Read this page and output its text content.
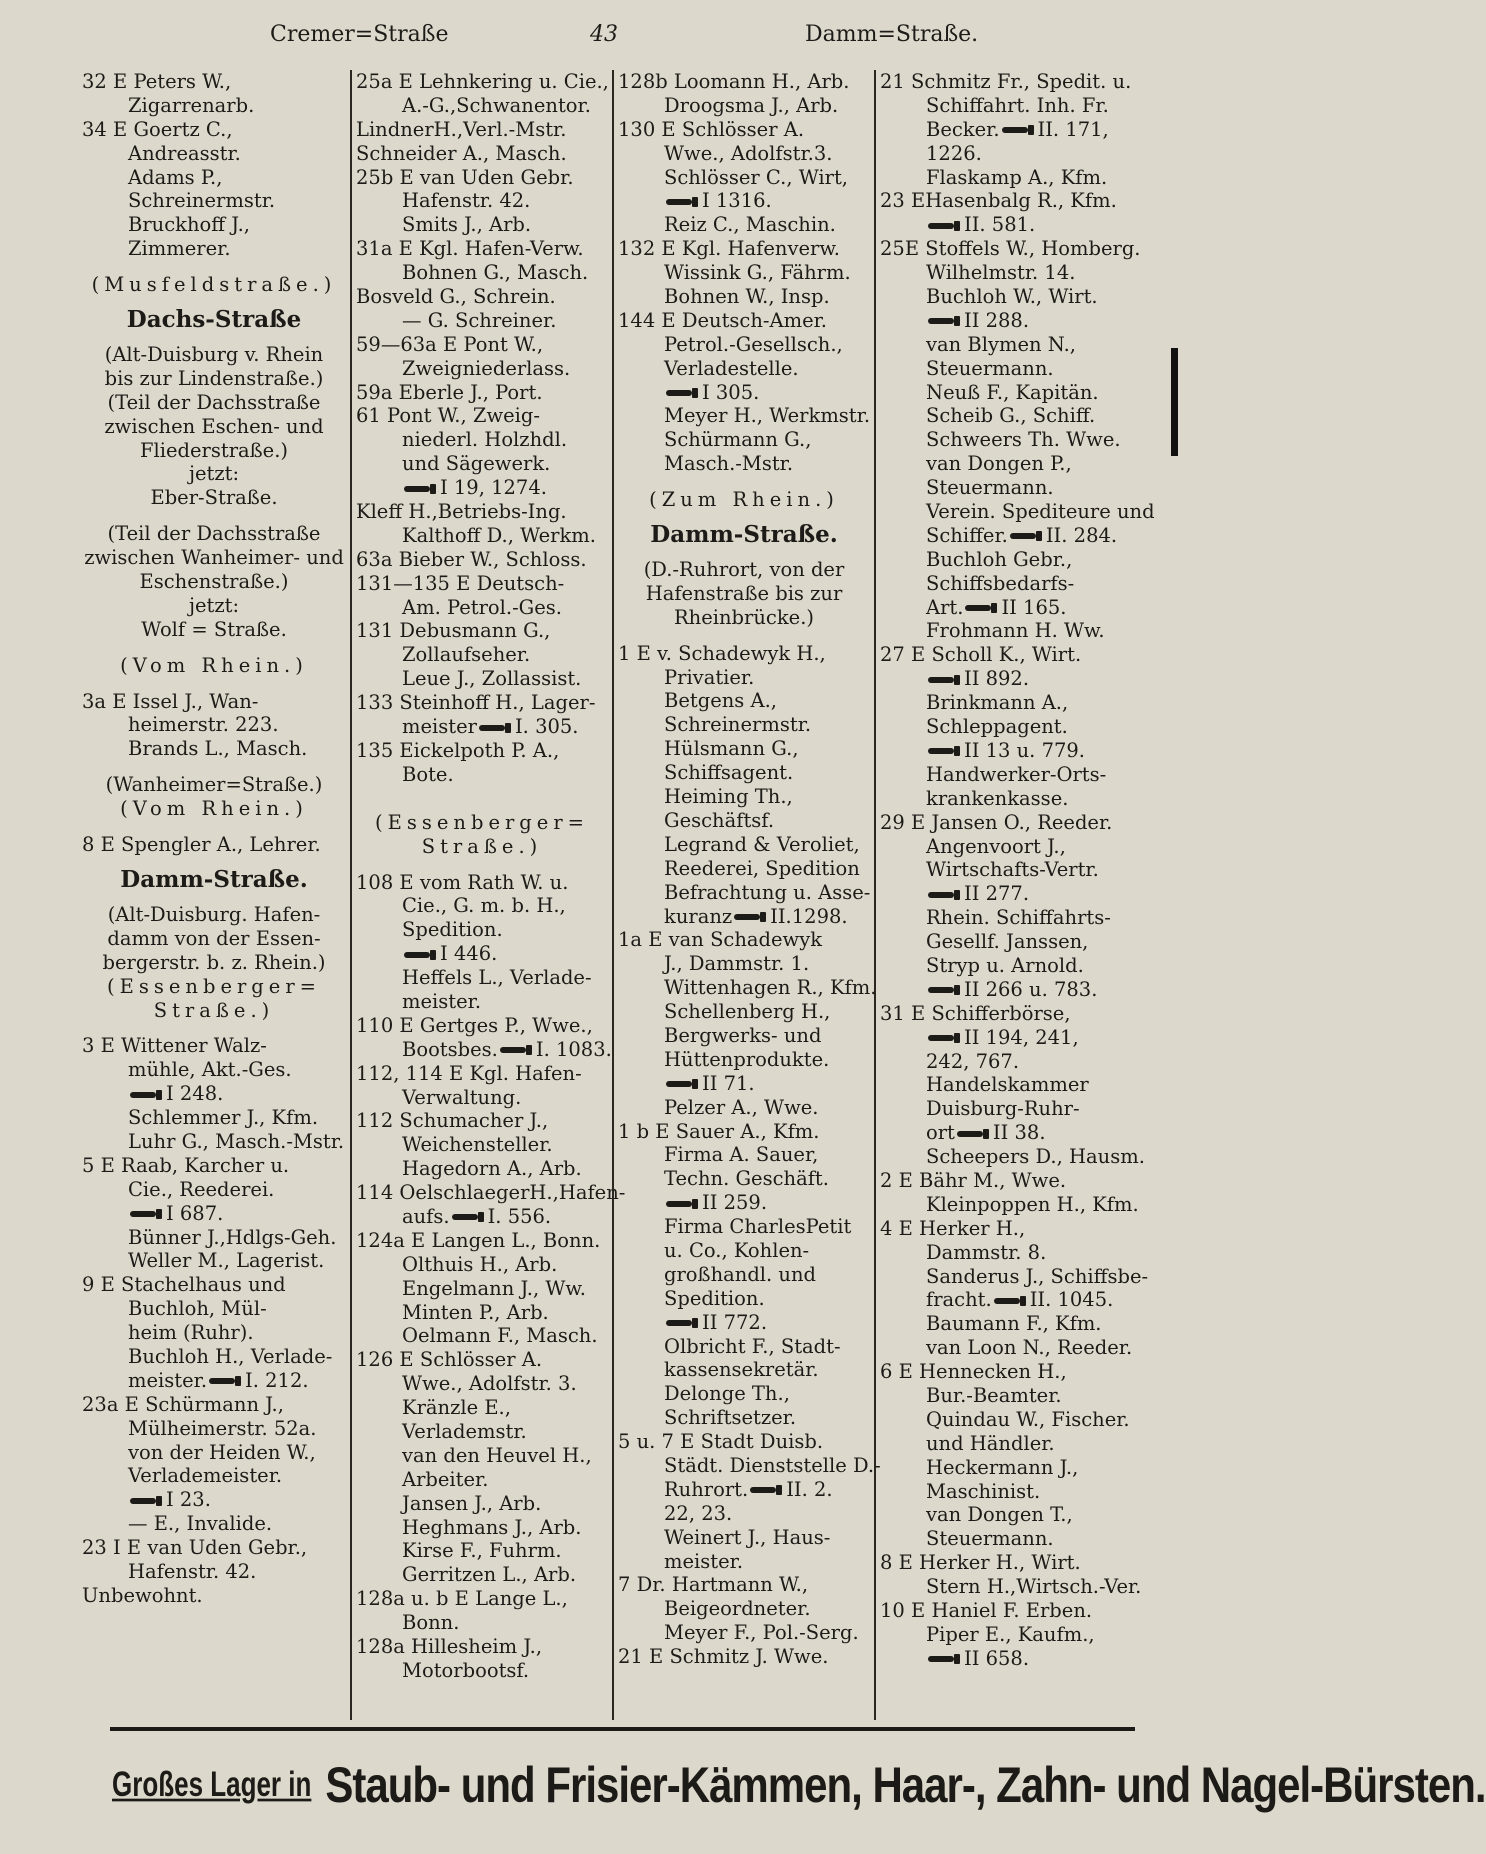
Cremer=Straße	43	Damm=Straße.
32 E Peters W.,
Zigarrenarb.
34 E Goertz C.,
Andreasstr.
Adams P.,
Schreinermstr.
Bruckhoff J.,
Zimmerer.
(Musfeldstraße.)
Dachs-Straße
(Alt-Duisburg v. Rhein
bis zur Lindenstraße.)
(Teil der Dachsstraße
zwischen Eschen- und
Fliederstraße.)
jetzt:
Eber-Straße.
(Teil der Dachsstraße
zwischen Wanheimer- und
Eschenstraße.)
jetzt:
Wolf = Straße.
(Vom Rhein.)
3a E Issel J., Wan-
heimerstr. 223.
Brands L., Masch.
(Wanheimer=Straße.)
(Vom Rhein.)
8 E Spengler A., Lehrer.
Damm-Straße.
(Alt-Duisburg. Hafen-
damm von der Essen-
bergerstr. b. z. Rhein.)
(Essenberger=
Straße.)
3 E Wittener Walz-
mühle, Akt.-Ges.
I 248.
Schlemmer J., Kfm.
Luhr G., Masch.-Mstr.
5 E Raab, Karcher u.
Cie., Reederei.
I 687.
Bünner J.,Hdlgs-Geh.
Weller M., Lagerist.
9 E Stachelhaus und
Buchloh, Mül-
heim (Ruhr).
Buchloh H., Verlade-
meister. I. 212.
23a E Schürmann J.,
Mülheimerstr. 52a.
von der Heiden W.,
Verlademeister.
I 23.
— E., Invalide.
23 I E van Uden Gebr.,
Hafenstr. 42.
Unbewohnt.
25a E Lehnkering u. Cie.,
A.-G.,Schwanentor.
LindnerH.,Verl.-Mstr.
Schneider A., Masch.
25b E van Uden Gebr.
Hafenstr. 42.
Smits J., Arb.
31a E Kgl. Hafen-Verw.
Bohnen G., Masch.
Bosveld G., Schrein.
— G. Schreiner.
59—63a E Pont W.,
Zweigniederlass.
59a Eberle J., Port.
61 Pont W., Zweig-
niederl. Holzhdl.
und Sägewerk.
I 19, 1274.
Kleff H.,Betriebs-Ing.
Kalthoff D., Werkm.
63a Bieber W., Schloss.
131—135 E Deutsch-
Am. Petrol.-Ges.
131 Debusmann G.,
Zollaufseher.
Leue J., Zollassist.
133 Steinhoff H., Lager-
meister I. 305.
135 Eickelpoth P. A.,
Bote.
(Essenberger=
Straße.)
108 E vom Rath W. u.
Cie., G. m. b. H.,
Spedition.
I 446.
Heffels L., Verlade-
meister.
110 E Gertges P., Wwe.,
Bootsbes. I. 1083.
112, 114 E Kgl. Hafen-
Verwaltung.
112 Schumacher J.,
Weichensteller.
Hagedorn A., Arb.
114 OelschlaegerH.,Hafen-
aufs. I. 556.
124a E Langen L., Bonn.
Olthuis H., Arb.
Engelmann J., Ww.
Minten P., Arb.
Oelmann F., Masch.
126 E Schlösser A.
Wwe., Adolfstr. 3.
Kränzle E.,
Verlademstr.
van den Heuvel H.,
Arbeiter.
Jansen J., Arb.
Heghmans J., Arb.
Kirse F., Fuhrm.
Gerritzen L., Arb.
128a u. b E Lange L.,
Bonn.
128a Hillesheim J.,
Motorbootsf.
128b Loomann H., Arb.
Droogsma J., Arb.
130 E Schlösser A.
Wwe., Adolfstr.3.
Schlösser C., Wirt,
I 1316.
Reiz C., Maschin.
132 E Kgl. Hafenverw.
Wissink G., Fährm.
Bohnen W., Insp.
144 E Deutsch-Amer.
Petrol.-Gesellsch.,
Verladestelle.
I 305.
Meyer H., Werkmstr.
Schürmann G.,
Masch.-Mstr.
(Zum Rhein.)
Damm-Straße.
(D.-Ruhrort, von der
Hafenstraße bis zur
Rheinbrücke.)
1 E v. Schadewyk H.,
Privatier.
Betgens A.,
Schreinermstr.
Hülsmann G.,
Schiffsagent.
Heiming Th.,
Geschäftsf.
Legrand & Veroliet,
Reederei, Spedition
Befrachtung u. Asse-
kuranz II.1298.
1a E van Schadewyk
J., Dammstr. 1.
Wittenhagen R., Kfm.
Schellenberg H.,
Bergwerks- und
Hüttenprodukte.
II 71.
Pelzer A., Wwe.
1 b E Sauer A., Kfm.
Firma A. Sauer,
Techn. Geschäft.
II 259.
Firma CharlesPetit
u. Co., Kohlen-
großhandl. und
Spedition.
II 772.
Olbricht F., Stadt-
kassensekretär.
Delonge Th.,
Schriftsetzer.
5 u. 7 E Stadt Duisb.
Städt. Dienststelle D.-
Ruhrort. II. 2.
22, 23.
Weinert J., Haus-
meister.
7 Dr. Hartmann W.,
Beigeordneter.
Meyer F., Pol.-Serg.
21 E Schmitz J. Wwe.
21 Schmitz Fr., Spedit. u.
Schiffahrt. Inh. Fr.
Becker. II. 171,
1226.
Flaskamp A., Kfm.
23 EHasenbalg R., Kfm.
II. 581.
25E Stoffels W., Homberg.
Wilhelmstr. 14.
Buchloh W., Wirt.
II 288.
van Blymen N.,
Steuermann.
Neuß F., Kapitän.
Scheib G., Schiff.
Schweers Th. Wwe.
van Dongen P.,
Steuermann.
Verein. Spediteure und
Schiffer. II. 284.
Buchloh Gebr.,
Schiffsbedarfs-
Art. II 165.
Frohmann H. Ww.
27 E Scholl K., Wirt.
II 892.
Brinkmann A.,
Schleppagent.
II 13 u. 779.
Handwerker-Orts-
krankenkasse.
29 E Jansen O., Reeder.
Angenvoort J.,
Wirtschafts-Vertr.
II 277.
Rhein. Schiffahrts-
Gesellf. Janssen,
Stryp u. Arnold.
II 266 u. 783.
31 E Schifferbörse,
II 194, 241,
242, 767.
Handelskammer
Duisburg-Ruhr-
ort II 38.
Scheepers D., Hausm.
2 E Bähr M., Wwe.
Kleinpoppen H., Kfm.
4 E Herker H.,
Dammstr. 8.
Sanderus J., Schiffsbe-
fracht. II. 1045.
Baumann F., Kfm.
van Loon N., Reeder.
6 E Hennecken H.,
Bur.-Beamter.
Quindau W., Fischer.
und Händler.
Heckermann J.,
Maschinist.
van Dongen T.,
Steuermann.
8 E Herker H., Wirt.
Stern H.,Wirtsch.-Ver.
10 E Haniel F. Erben.
Piper E., Kaufm.,
II 658.
Großes Lager in Staub- und Frisier-Kämmen, Haar-, Zahn- und Nagel-Bürsten.
